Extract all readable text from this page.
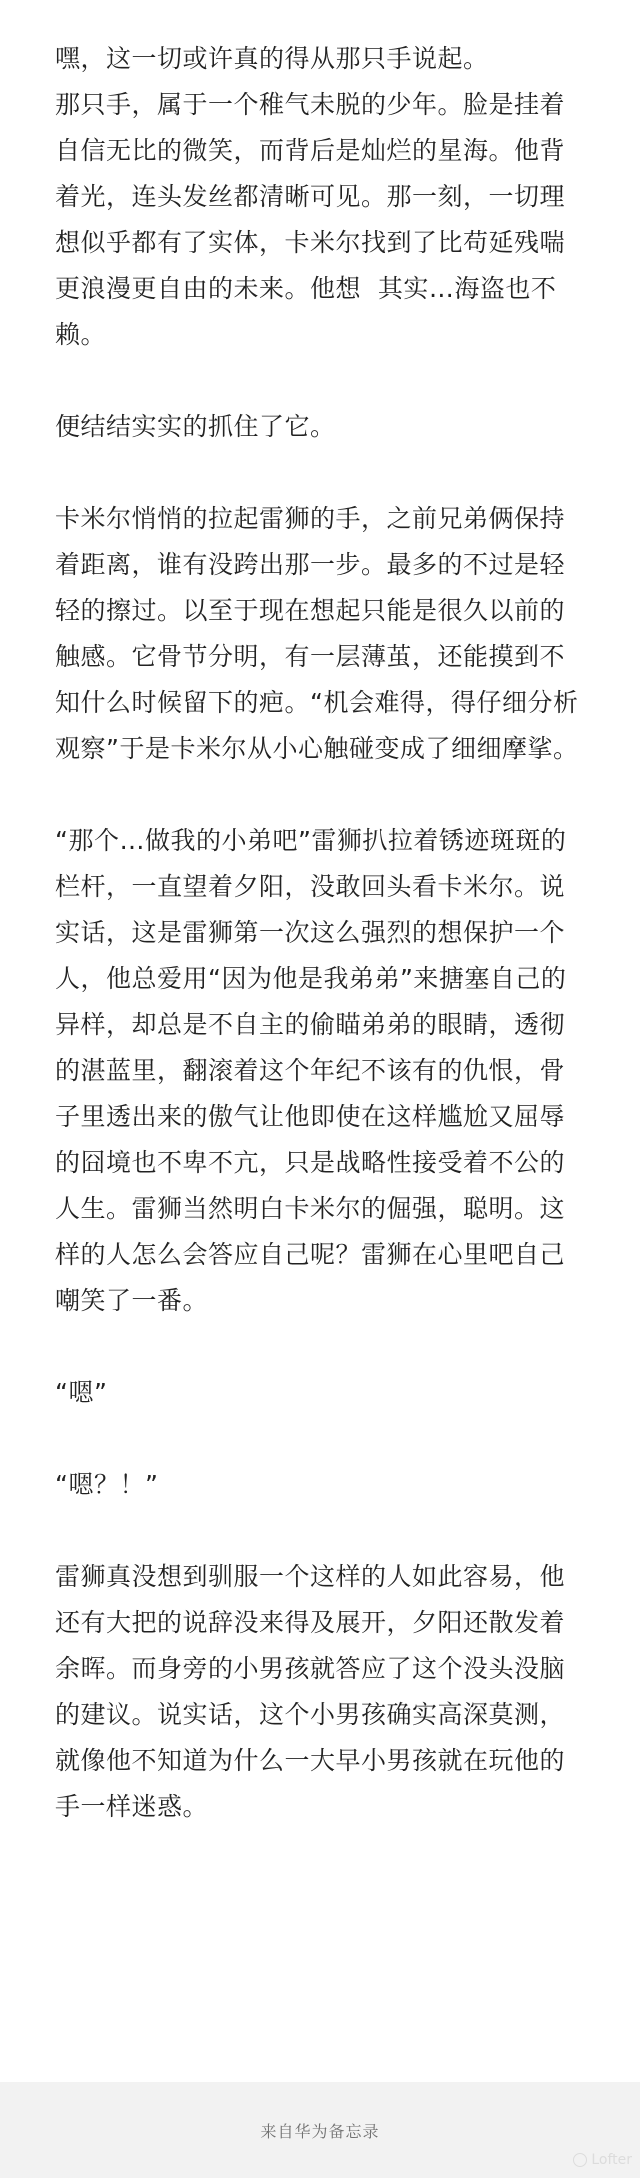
嘿，这一切或许真的得从那只手说起。
那只手，属于一个稚气未脱的少年。脸是挂着自信无比的微笑，而背后是灿烂的星海。他背着光，连头发丝都清晰可见。那一刻，一切理想似乎都有了实体，卡米尔找到了比苟延残喘更浪漫更自由的未来。他想  其实…海盗也不赖。

便结结实实的抓住了它。

卡米尔悄悄的拉起雷狮的手，之前兄弟俩保持着距离，谁有没跨出那一步。最多的不过是轻轻的擦过。以至于现在想起只能是很久以前的触感。它骨节分明，有一层薄茧，还能摸到不知什么时候留下的疤。“机会难得，得仔细分析观察”于是卡米尔从小心触碰变成了细细摩挲。

“那个…做我的小弟吧”雷狮扒拉着锈迹斑斑的栏杆，一直望着夕阳，没敢回头看卡米尔。说实话，这是雷狮第一次这么强烈的想保护一个人，他总爱用“因为他是我弟弟”来搪塞自己的异样，却总是不自主的偷瞄弟弟的眼睛，透彻的湛蓝里，翻滚着这个年纪不该有的仇恨，骨子里透出来的傲气让他即使在这样尴尬又屈辱的囧境也不卑不亢，只是战略性接受着不公的人生。雷狮当然明白卡米尔的倔强，聪明。这样的人怎么会答应自己呢？雷狮在心里吧自己嘲笑了一番。

“嗯”

“嗯？！”

雷狮真没想到驯服一个这样的人如此容易，他还有大把的说辞没来得及展开，夕阳还散发着余晖。而身旁的小男孩就答应了这个没头没脑的建议。说实话，这个小男孩确实高深莫测，就像他不知道为什么一大早小男孩就在玩他的手一样迷惑。

来自华为备忘录
Lofter
